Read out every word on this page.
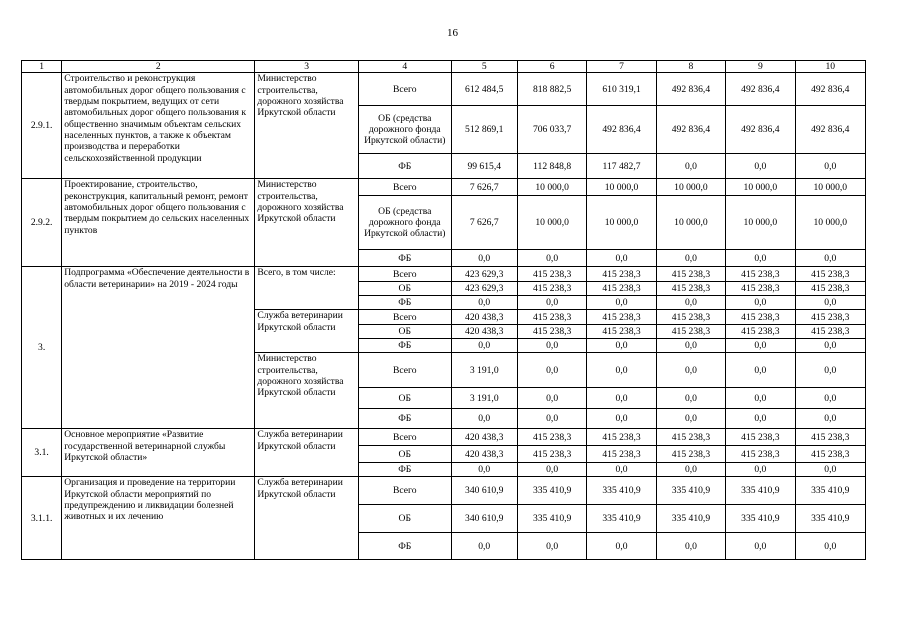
16
1	2	3	4	5	6	7	8	9	10
2.9.1.	Строительство и реконструкция автомобильных дорог общего пользования с твердым покрытием, ведущих от сети автомобильных дорог общего пользования к общественно значимым объектам сельских населенных пунктов, а также к объектам производства и переработки сельскохозяйственной продукции	Министерство строительства, дорожного хозяйства Иркутской области	Всего	612 484,5	818 882,5	610 319,1	492 836,4	492 836,4	492 836,4
			ОБ (средства дорожного фонда Иркутской области)	512 869,1	706 033,7	492 836,4	492 836,4	492 836,4	492 836,4
			ФБ	99 615,4	112 848,8	117 482,7	0,0	0,0	0,0
2.9.2.	Проектирование, строительство, реконструкция, капитальный ремонт, ремонт автомобильных дорог общего пользования с твердым покрытием до сельских населенных пунктов	Министерство строительства, дорожного хозяйства Иркутской области	Всего	7 626,7	10 000,0	10 000,0	10 000,0	10 000,0	10 000,0
			ОБ (средства дорожного фонда Иркутской области)	7 626,7	10 000,0	10 000,0	10 000,0	10 000,0	10 000,0
			ФБ	0,0	0,0	0,0	0,0	0,0	0,0
3.	Подпрограмма «Обеспечение деятельности в области ветеринарии» на 2019 - 2024 годы	Всего, в том числе:	Всего	423 629,3	415 238,3	415 238,3	415 238,3	415 238,3	415 238,3
			ОБ	423 629,3	415 238,3	415 238,3	415 238,3	415 238,3	415 238,3
			ФБ	0,0	0,0	0,0	0,0	0,0	0,0
		Служба ветеринарии Иркутской области	Всего	420 438,3	415 238,3	415 238,3	415 238,3	415 238,3	415 238,3
			ОБ	420 438,3	415 238,3	415 238,3	415 238,3	415 238,3	415 238,3
			ФБ	0,0	0,0	0,0	0,0	0,0	0,0
		Министерство строительства, дорожного хозяйства Иркутской области	Всего	3 191,0	0,0	0,0	0,0	0,0	0,0
			ОБ	3 191,0	0,0	0,0	0,0	0,0	0,0
			ФБ	0,0	0,0	0,0	0,0	0,0	0,0
3.1.	Основное мероприятие «Развитие государственной ветеринарной службы Иркутской области»	Служба ветеринарии Иркутской области	Всего	420 438,3	415 238,3	415 238,3	415 238,3	415 238,3	415 238,3
			ОБ	420 438,3	415 238,3	415 238,3	415 238,3	415 238,3	415 238,3
			ФБ	0,0	0,0	0,0	0,0	0,0	0,0
3.1.1.	Организация и проведение на территории Иркутской области мероприятий по предупреждению и ликвидации болезней животных и их лечению	Служба ветеринарии Иркутской области	Всего	340 610,9	335 410,9	335 410,9	335 410,9	335 410,9	335 410,9
			ОБ	340 610,9	335 410,9	335 410,9	335 410,9	335 410,9	335 410,9
			ФБ	0,0	0,0	0,0	0,0	0,0	0,0
